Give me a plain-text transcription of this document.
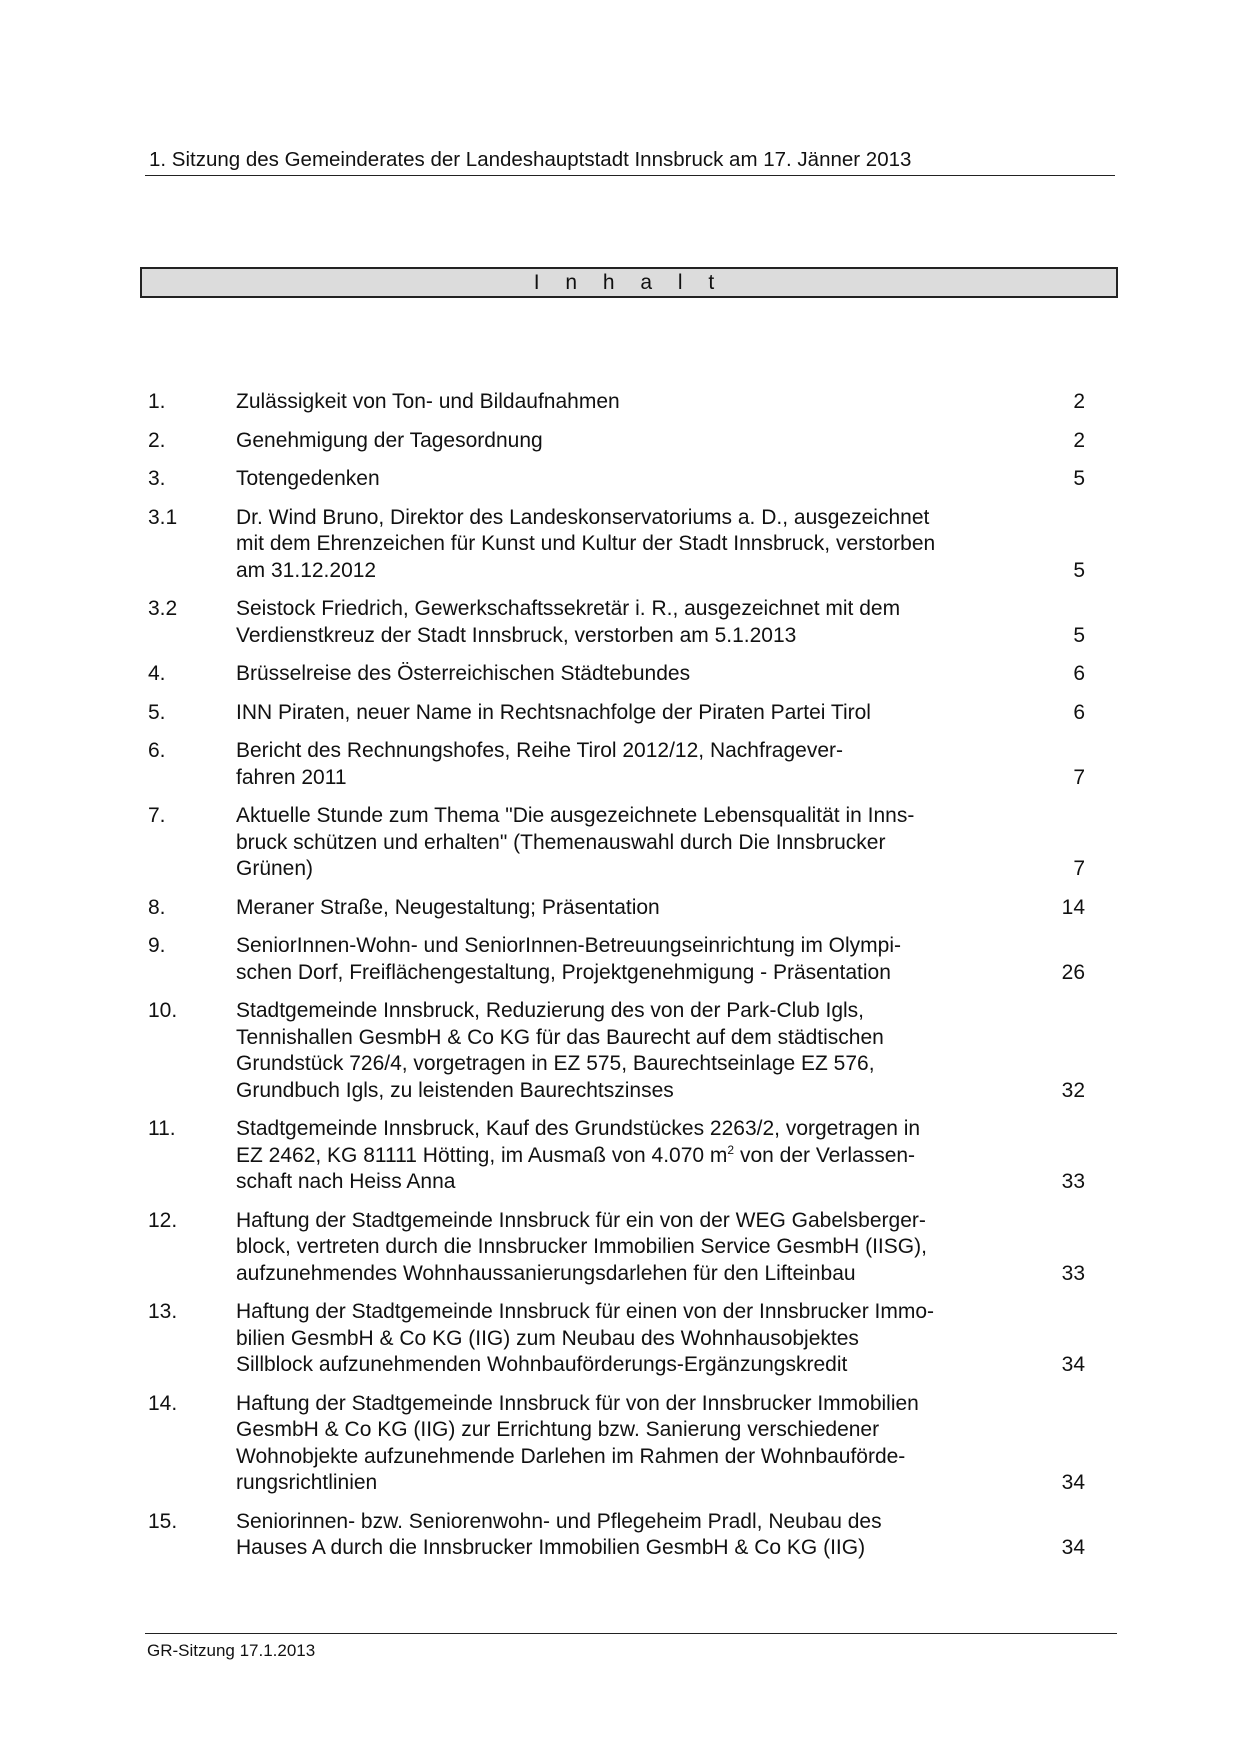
1. Sitzung des Gemeinderates der Landeshauptstadt Innsbruck am 17. Jänner 2013
I n h a l t
1.	Zulässigkeit von Ton- und Bildaufnahmen	2
2.	Genehmigung der Tagesordnung	2
3.	Totengedenken	5
3.1	Dr. Wind Bruno, Direktor des Landeskonservatoriums a. D., ausgezeichnet
mit dem Ehrenzeichen für Kunst und Kultur der Stadt Innsbruck, verstorben
am 31.12.2012	5
3.2	Seistock Friedrich, Gewerkschaftssekretär i. R., ausgezeichnet mit dem
Verdienstkreuz der Stadt Innsbruck, verstorben am 5.1.2013	5
4.	Brüsselreise des Österreichischen Städtebundes	6
5.	INN Piraten, neuer Name in Rechtsnachfolge der Piraten Partei Tirol	6
6.	Bericht des Rechnungshofes, Reihe Tirol 2012/12, Nachfragever-
fahren 2011	7
7.	Aktuelle Stunde zum Thema "Die ausgezeichnete Lebensqualität in Inns-
bruck schützen und erhalten" (Themenauswahl durch Die Innsbrucker
Grünen)	7
8.	Meraner Straße, Neugestaltung; Präsentation	14
9.	SeniorInnen-Wohn- und SeniorInnen-Betreuungseinrichtung im Olympi-
schen Dorf, Freiflächengestaltung, Projektgenehmigung - Präsentation	26
10.	Stadtgemeinde Innsbruck, Reduzierung des von der Park-Club Igls,
Tennishallen GesmbH & Co KG für das Baurecht auf dem städtischen
Grundstück 726/4, vorgetragen in EZ 575, Baurechtseinlage EZ 576,
Grundbuch Igls, zu leistenden Baurechtszinses	32
11.	Stadtgemeinde Innsbruck, Kauf des Grundstückes 2263/2, vorgetragen in
EZ 2462, KG 81111 Hötting, im Ausmaß von 4.070 $m^2$ von der Verlassen-
schaft nach Heiss Anna	33
12.	Haftung der Stadtgemeinde Innsbruck für ein von der WEG Gabelsberger-
block, vertreten durch die Innsbrucker Immobilien Service GesmbH (IISG),
aufzunehmendes Wohnhaussanierungsdarlehen für den Lifteinbau	33
13.	Haftung der Stadtgemeinde Innsbruck für einen von der Innsbrucker Immo-
bilien GesmbH & Co KG (IIG) zum Neubau des Wohnhausobjektes
Sillblock aufzunehmenden Wohnbauförderungs-Ergänzungskredit	34
14.	Haftung der Stadtgemeinde Innsbruck für von der Innsbrucker Immobilien
GesmbH & Co KG (IIG) zur Errichtung bzw. Sanierung verschiedener
Wohnobjekte aufzunehmende Darlehen im Rahmen der Wohnbauförde-
rungsrichtlinien	34
15.	Seniorinnen- bzw. Seniorenwohn- und Pflegeheim Pradl, Neubau des
Hauses A durch die Innsbrucker Immobilien GesmbH & Co KG (IIG)	34
GR-Sitzung 17.1.2013
